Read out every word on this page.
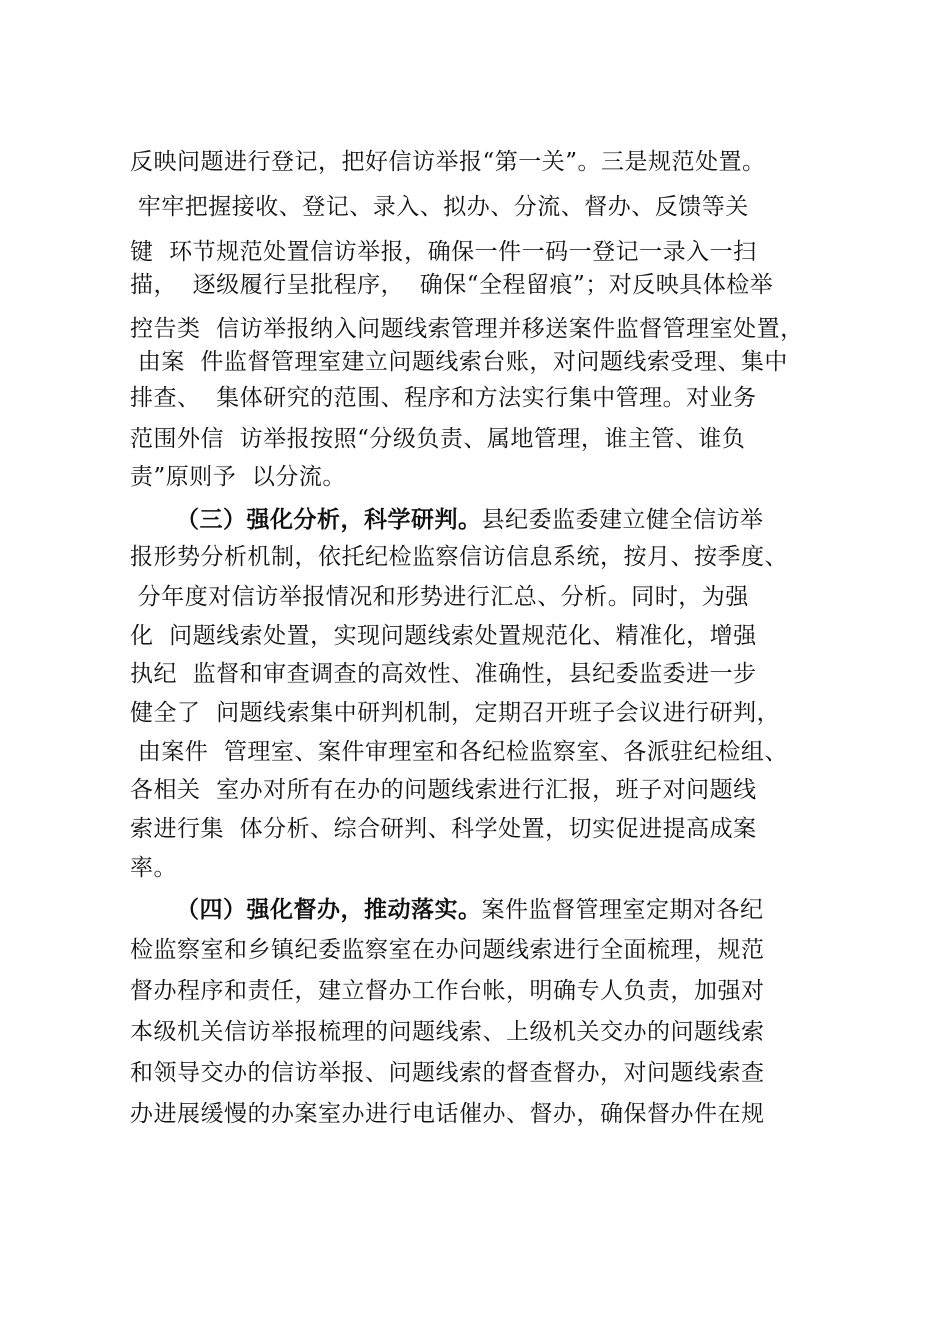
反映问题进行登记，把好信访举报“第一关”。三是规范处置。
牢牢把握接收、登记、录入、拟办、分流、督办、反馈等关
键  环节规范处置信访举报，确保一件一码一登记一录入一扫
描，  逐级履行呈批程序，  确保“全程留痕”；对反映具体检举
控告类  信访举报纳入问题线索管理并移送案件监督管理室处置，
由案  件监督管理室建立问题线索台账，对问题线索受理、集中
排查、  集体研究的范围、程序和方法实行集中管理。对业务
范围外信  访举报按照“分级负责、属地管理，谁主管、谁负
责”原则予  以分流。
（三）强化分析，科学研判。县纪委监委建立健全信访举
报形势分析机制，依托纪检监察信访信息系统，按月、按季度、
分年度对信访举报情况和形势进行汇总、分析。同时，为强
化  问题线索处置，实现问题线索处置规范化、精准化，增强
执纪  监督和审查调查的高效性、准确性，县纪委监委进一步
健全了  问题线索集中研判机制，定期召开班子会议进行研判，
由案件  管理室、案件审理室和各纪检监察室、各派驻纪检组、
各相关  室办对所有在办的问题线索进行汇报，班子对问题线
索进行集  体分析、综合研判、科学处置，切实促进提高成案
率。
（四）强化督办，推动落实。案件监督管理室定期对各纪
检监察室和乡镇纪委监察室在办问题线索进行全面梳理，规范
督办程序和责任，建立督办工作台帐，明确专人负责，加强对
本级机关信访举报梳理的问题线索、上级机关交办的问题线索
和领导交办的信访举报、问题线索的督查督办，对问题线索查
办进展缓慢的办案室办进行电话催办、督办，确保督办件在规
